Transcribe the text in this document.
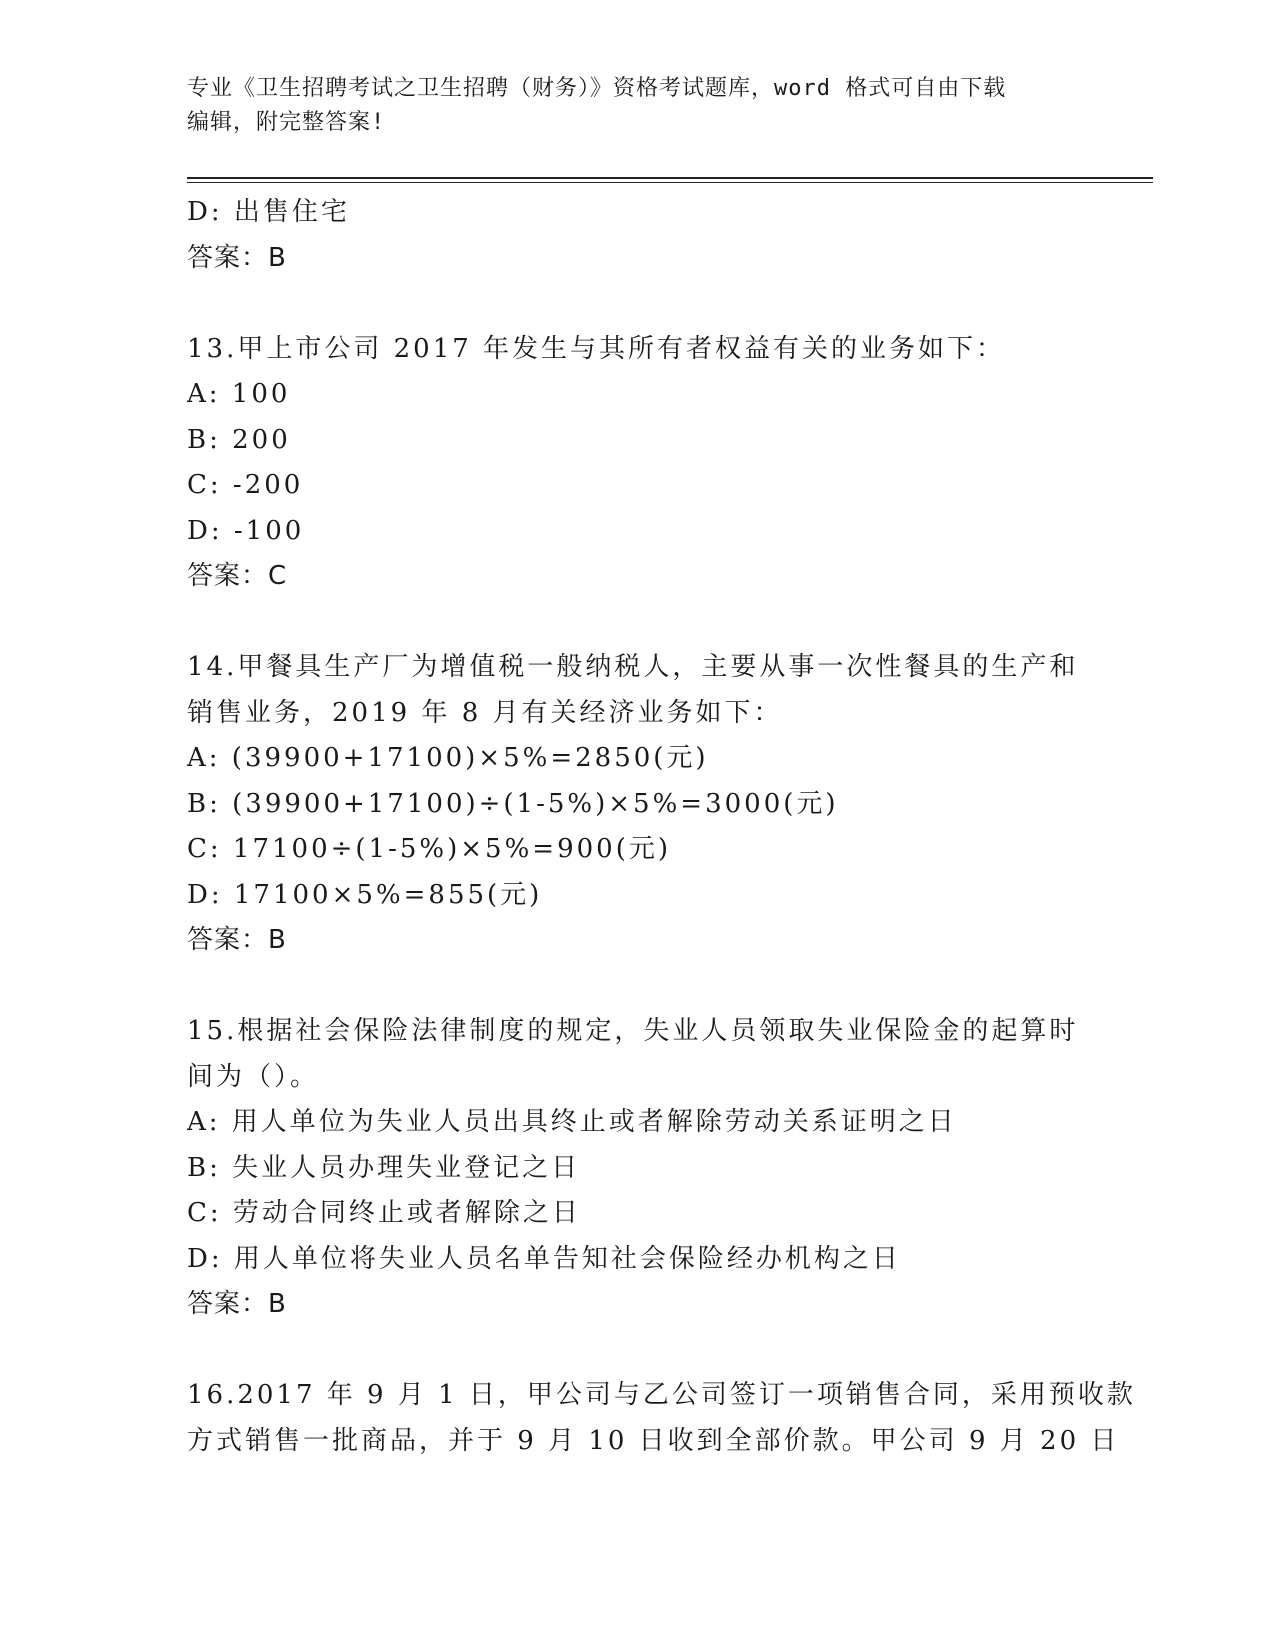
专业《卫生招聘考试之卫生招聘（财务）》资格考试题库，word 格式可自由下载
编辑，附完整答案!
D: 出售住宅
答案：B
13.甲上市公司 2017 年发生与其所有者权益有关的业务如下：
A: 100
B: 200
C: -200
D: -100
答案：C
14.甲餐具生产厂为增值税一般纳税人，主要从事一次性餐具的生产和
销售业务，2019 年 8 月有关经济业务如下：
A: (39900+17100)×5%=2850(元)
B: (39900+17100)÷(1-5%)×5%=3000(元)
C: 17100÷(1-5%)×5%=900(元)
D: 17100×5%=855(元)
答案：B
15.根据社会保险法律制度的规定，失业人员领取失业保险金的起算时
间为（）。
A: 用人单位为失业人员出具终止或者解除劳动关系证明之日
B: 失业人员办理失业登记之日
C: 劳动合同终止或者解除之日
D: 用人单位将失业人员名单告知社会保险经办机构之日
答案：B
16.2017 年 9 月 1 日，甲公司与乙公司签订一项销售合同，采用预收款
方式销售一批商品，并于 9 月 10 日收到全部价款。甲公司 9 月 20 日
